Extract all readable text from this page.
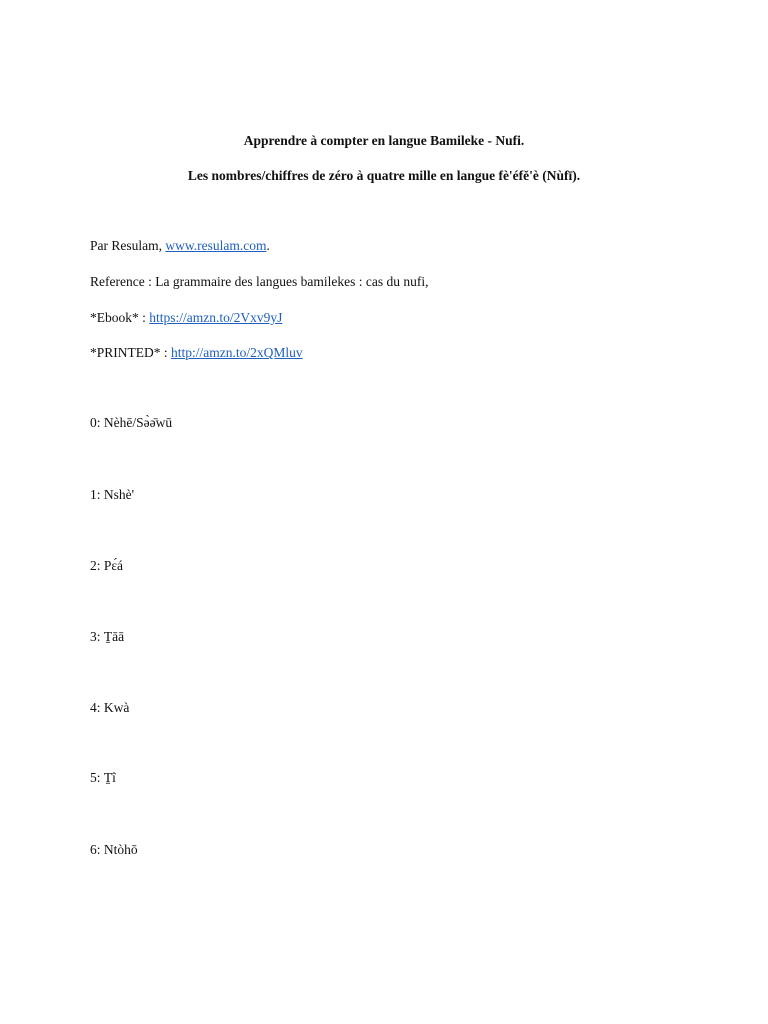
Apprendre à compter en langue Bamileke - Nufi.
Les nombres/chiffres de zéro à quatre mille en langue fè'éfě'è (Nùfī).
Par Resulam, www.resulam.com.
Reference : La grammaire des langues bamilekes : cas du nufi,
*Ebook* : https://amzn.to/2Vxv9yJ
*PRINTED* : http://amzn.to/2xQMluv
0: Nèhē/Sə̀ə̄wū
1: Nshè'
2: Pɛ́á
3: Ṯāā
4: Kwà
5: Ṯî
6: Ntòhō
